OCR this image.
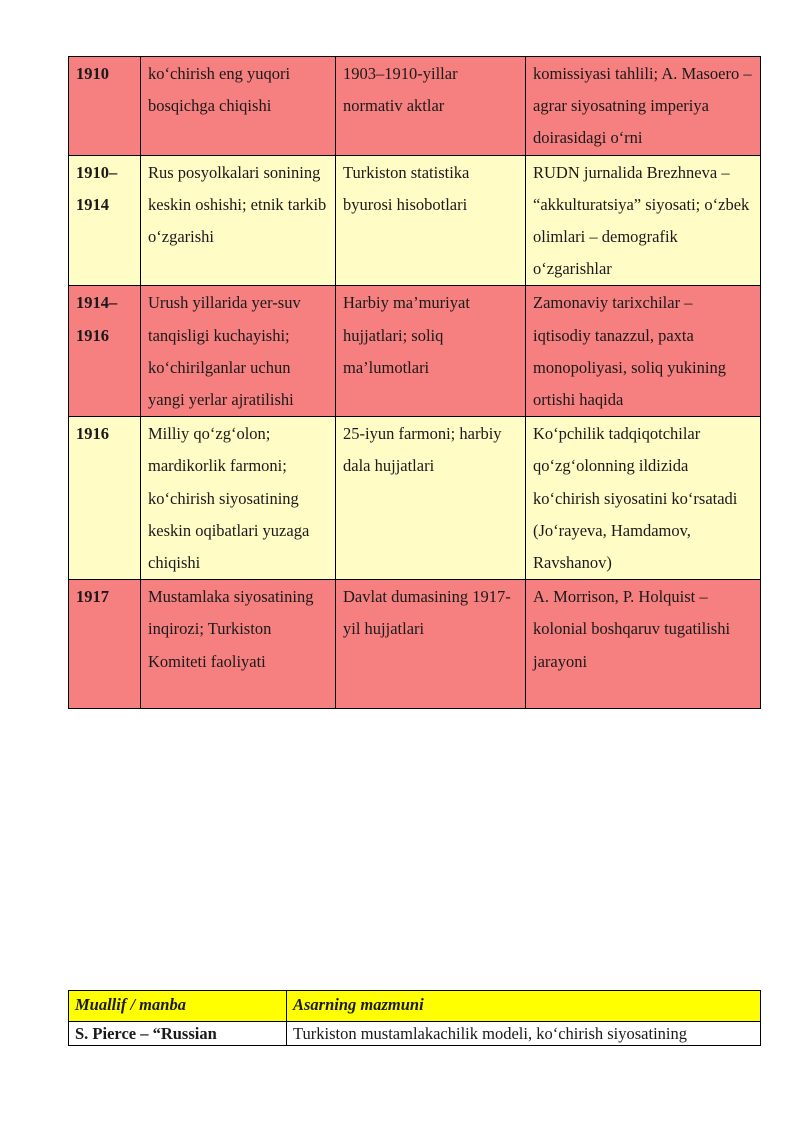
1910	ko‘chirish eng yuqori bosqichga chiqishi	1903–1910-yillar normativ aktlar	komissiyasi tahlili; A. Masoero – agrar siyosatning imperiya doirasidagi o‘rni
1910–1914	Rus posyolkalari sonining keskin oshishi; etnik tarkib o‘zgarishi	Turkiston statistika byurosi hisobotlari	RUDN jurnalida Brezhneva – “akkulturatsiya” siyosati; o‘zbek olimlari – demografik o‘zgarishlar
1914–1916	Urush yillarida yer-suv tanqisligi kuchayishi; ko‘chirilganlar uchun yangi yerlar ajratilishi	Harbiy ma’muriyat hujjatlari; soliq ma’lumotlari	Zamonaviy tarixchilar – iqtisodiy tanazzul, paxta monopoliyasi, soliq yukining ortishi haqida
1916	Milliy qo‘zg‘olon; mardikorlik farmoni; ko‘chirish siyosatining keskin oqibatlari yuzaga chiqishi	25-iyun farmoni; harbiy dala hujjatlari	Ko‘pchilik tadqiqotchilar qo‘zg‘olonning ildizida ko‘chirish siyosatini ko‘rsatadi (Jo‘rayeva, Hamdamov, Ravshanov)
1917	Mustamlaka siyosatining inqirozi; Turkiston Komiteti faoliyati	Davlat dumasining 1917-yil hujjatlari	A. Morrison, P. Holquist – kolonial boshqaruv tugatilishi jarayoni
Muallif / manba	Asarning mazmuni
S. Pierce – “Russian	Turkiston mustamlakachilik modeli, ko‘chirish siyosatining
